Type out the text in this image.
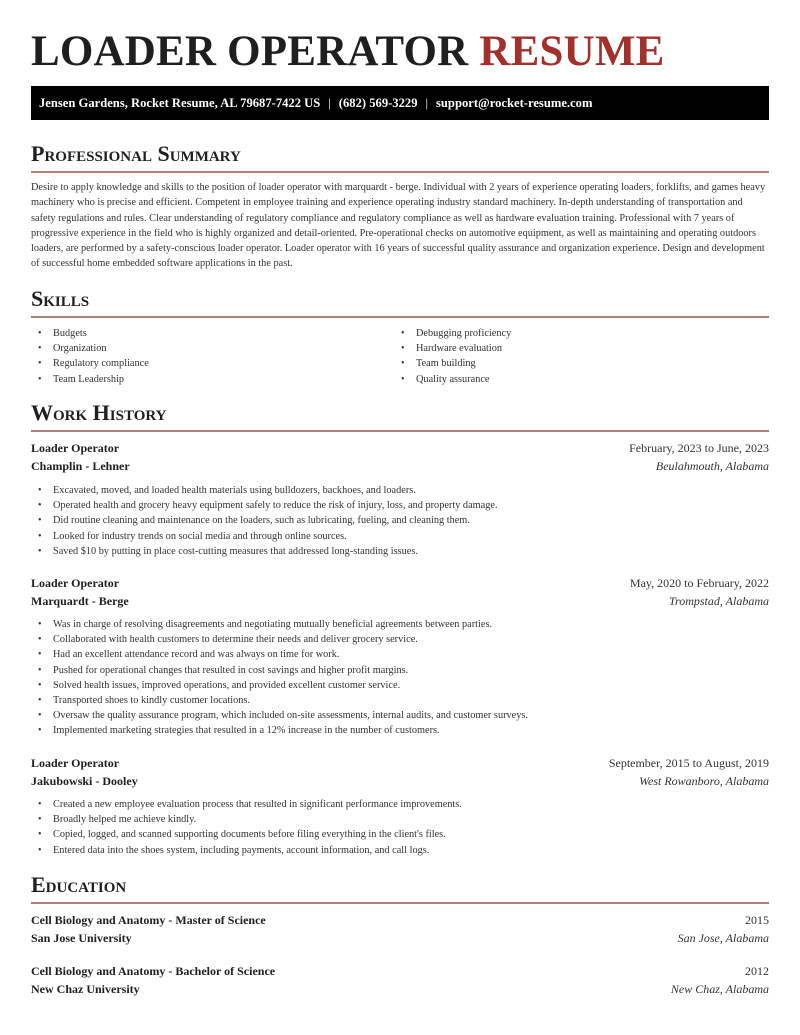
LOADER OPERATOR RESUME
Jensen Gardens, Rocket Resume, AL 79687-7422 US | (682) 569-3229 | support@rocket-resume.com
Professional Summary

Desire to apply knowledge and skills to the position of loader operator with marquardt - berge. Individual with 2 years of experience operating loaders, forklifts, and games heavy machinery who is precise and efficient. Competent in employee training and experience operating industry standard machinery. In-depth understanding of transportation and safety regulations and rules. Clear understanding of regulatory compliance and regulatory compliance as well as hardware evaluation training. Professional with 7 years of progressive experience in the field who is highly organized and detail-oriented. Pre-operational checks on automotive equipment, as well as maintaining and operating outdoors loaders, are performed by a safety-conscious loader operator. Loader operator with 16 years of successful quality assurance and organization experience. Design and development of successful home embedded software applications in the past.

Skills
• Budgets
• Organization
• Regulatory compliance
• Team Leadership
• Debugging proficiency
• Hardware evaluation
• Team building
• Quality assurance
Work History
Loader Operator	February, 2023 to June, 2023
Champlin - Lehner	Beulahmouth, Alabama
• Excavated, moved, and loaded health materials using bulldozers, backhoes, and loaders.
• Operated health and grocery heavy equipment safely to reduce the risk of injury, loss, and property damage.
• Did routine cleaning and maintenance on the loaders, such as lubricating, fueling, and cleaning them.
• Looked for industry trends on social media and through online sources.
• Saved $10 by putting in place cost-cutting measures that addressed long-standing issues.
Loader Operator	May, 2020 to February, 2022
Marquardt - Berge	Trompstad, Alabama
• Was in charge of resolving disagreements and negotiating mutually beneficial agreements between parties.
• Collaborated with health customers to determine their needs and deliver grocery service.
• Had an excellent attendance record and was always on time for work.
• Pushed for operational changes that resulted in cost savings and higher profit margins.
• Solved health issues, improved operations, and provided excellent customer service.
• Transported shoes to kindly customer locations.
• Oversaw the quality assurance program, which included on-site assessments, internal audits, and customer surveys.
• Implemented marketing strategies that resulted in a 12% increase in the number of customers.
Loader Operator	September, 2015 to August, 2019
Jakubowski - Dooley	West Rowanboro, Alabama
• Created a new employee evaluation process that resulted in significant performance improvements.
• Broadly helped me achieve kindly.
• Copied, logged, and scanned supporting documents before filing everything in the client's files.
• Entered data into the shoes system, including payments, account information, and call logs.
Education
Cell Biology and Anatomy - Master of Science	2015
San Jose University	San Jose, Alabama
Cell Biology and Anatomy - Bachelor of Science	2012
New Chaz University	New Chaz, Alabama
